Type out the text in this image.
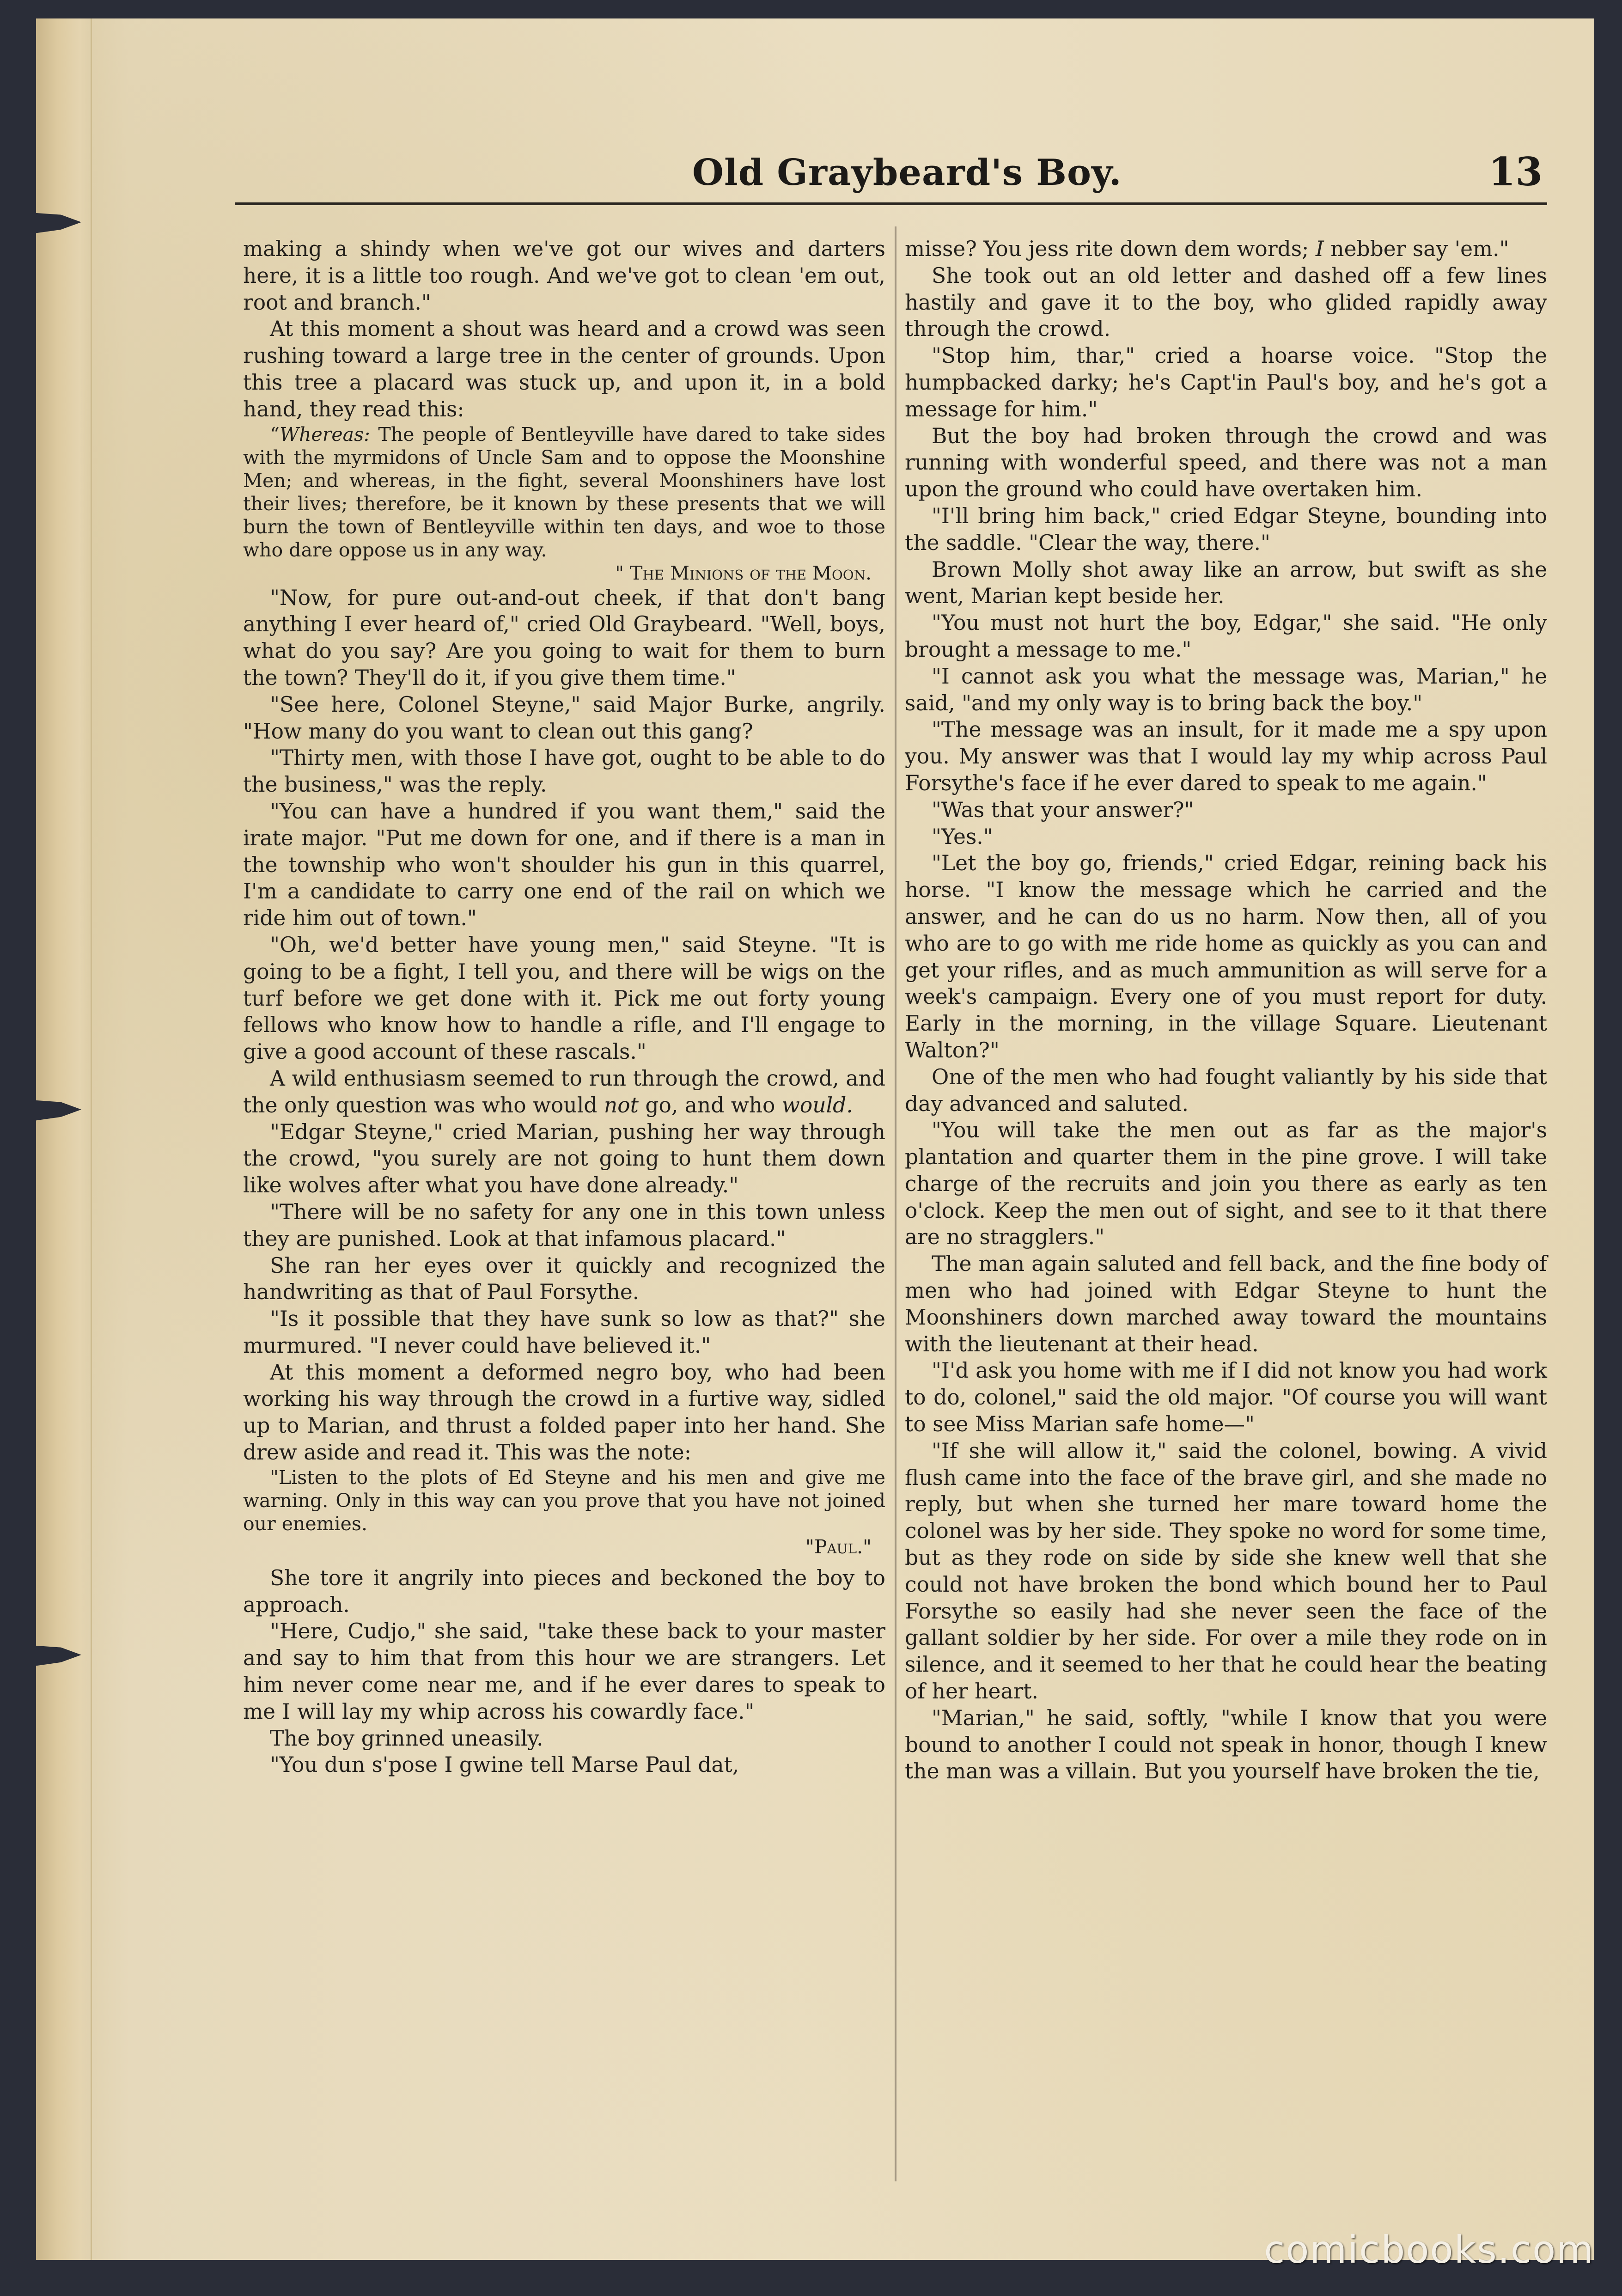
Old Graybeard's Boy.	13

making a shindy when we've got our wives and darters here, it is a little too rough. And we've got to clean 'em out, root and branch."

At this moment a shout was heard and a crowd was seen rushing toward a large tree in the center of grounds. Upon this tree a placard was stuck up, and upon it, in a bold hand, they read this:

“Whereas: The people of Bentleyville have dared to take sides with the myrmidons of Uncle Sam and to oppose the Moonshine Men; and whereas, in the fight, several Moonshiners have lost their lives; therefore, be it known by these presents that we will burn the town of Bentleyville within ten days, and woe to those who dare oppose us in any way.

" The Minions of the Moon.

"Now, for pure out-and-out cheek, if that don't bang anything I ever heard of," cried Old Graybeard. "Well, boys, what do you say? Are you going to wait for them to burn the town? They'll do it, if you give them time."

"See here, Colonel Steyne," said Major Burke, angrily. "How many do you want to clean out this gang?

"Thirty men, with those I have got, ought to be able to do the business," was the reply.

"You can have a hundred if you want them," said the irate major. "Put me down for one, and if there is a man in the township who won't shoulder his gun in this quarrel, I'm a candidate to carry one end of the rail on which we ride him out of town."

"Oh, we'd better have young men," said Steyne. "It is going to be a fight, I tell you, and there will be wigs on the turf before we get done with it. Pick me out forty young fellows who know how to handle a rifle, and I'll engage to give a good account of these rascals."

A wild enthusiasm seemed to run through the crowd, and the only question was who would not go, and who would.

"Edgar Steyne," cried Marian, pushing her way through the crowd, "you surely are not going to hunt them down like wolves after what you have done already."

"There will be no safety for any one in this town unless they are punished. Look at that infamous placard."

She ran her eyes over it quickly and recognized the handwriting as that of Paul Forsythe.

"Is it possible that they have sunk so low as that?" she murmured. "I never could have believed it."

At this moment a deformed negro boy, who had been working his way through the crowd in a furtive way, sidled up to Marian, and thrust a folded paper into her hand. She drew aside and read it. This was the note:

"Listen to the plots of Ed Steyne and his men and give me warning. Only in this way can you prove that you have not joined our enemies.

"Paul."

She tore it angrily into pieces and beckoned the boy to approach.

"Here, Cudjo," she said, "take these back to your master and say to him that from this hour we are strangers. Let him never come near me, and if he ever dares to speak to me I will lay my whip across his cowardly face."

The boy grinned uneasily.

"You dun s'pose I gwine tell Marse Paul dat,

misse? You jess rite down dem words; I nebber say 'em."

She took out an old letter and dashed off a few lines hastily and gave it to the boy, who glided rapidly away through the crowd.

"Stop him, thar," cried a hoarse voice. "Stop the humpbacked darky; he's Capt'in Paul's boy, and he's got a message for him."

But the boy had broken through the crowd and was running with wonderful speed, and there was not a man upon the ground who could have overtaken him.

"I'll bring him back," cried Edgar Steyne, bounding into the saddle. "Clear the way, there."

Brown Molly shot away like an arrow, but swift as she went, Marian kept beside her.

"You must not hurt the boy, Edgar," she said. "He only brought a message to me."

"I cannot ask you what the message was, Marian," he said, "and my only way is to bring back the boy."

"The message was an insult, for it made me a spy upon you. My answer was that I would lay my whip across Paul Forsythe's face if he ever dared to speak to me again."

"Was that your answer?"

"Yes."

"Let the boy go, friends," cried Edgar, reining back his horse. "I know the message which he carried and the answer, and he can do us no harm. Now then, all of you who are to go with me ride home as quickly as you can and get your rifles, and as much ammunition as will serve for a week's campaign. Every one of you must report for duty. Early in the morning, in the village Square. Lieutenant Walton?"

One of the men who had fought valiantly by his side that day advanced and saluted.

"You will take the men out as far as the major's plantation and quarter them in the pine grove. I will take charge of the recruits and join you there as early as ten o'clock. Keep the men out of sight, and see to it that there are no stragglers."

The man again saluted and fell back, and the fine body of men who had joined with Edgar Steyne to hunt the Moonshiners down marched away toward the mountains with the lieutenant at their head.

"I'd ask you home with me if I did not know you had work to do, colonel," said the old major. "Of course you will want to see Miss Marian safe home—"

"If she will allow it," said the colonel, bowing. A vivid flush came into the face of the brave girl, and she made no reply, but when she turned her mare toward home the colonel was by her side. They spoke no word for some time, but as they rode on side by side she knew well that she could not have broken the bond which bound her to Paul Forsythe so easily had she never seen the face of the gallant soldier by her side. For over a mile they rode on in silence, and it seemed to her that he could hear the beating of her heart.

"Marian," he said, softly, "while I know that you were bound to another I could not speak in honor, though I knew the man was a villain. But you yourself have broken the tie,

comicbooks.com
